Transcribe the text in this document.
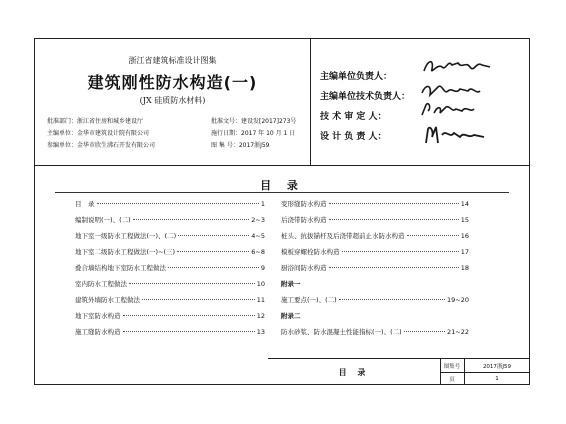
浙江省建筑标准设计图集
建筑刚性防水构造(一)
(JX 硅质防水材料)
批准部门：浙江省住房和城乡建设厅
主编单位：金华市建筑设计院有限公司
参编单位：金华市欣生沸石开发有限公司
批准文号：建设发[2017]273号
施行日期：2017 年 10 月 1 日
图 集 号：2017浙J59
主编单位负责人：
主编单位技术负责人：
技 术 审 定 人：
设 计 负 责 人：
目 录
目　录	1
编制说明(一)、(二)	2~3
地下室一级防水工程做法(一)、(二)	4~5
地下室二级防水工程做法(一)~(三)	6~8
叠合墙结构地下室防水工程做法	9
室内防水工程做法	10
建筑外墙防水工程做法	11
地下室防水构造	12
施工缝防水构造	13
变形缝防水构造	14
后浇带防水构造	15
桩头、抗拔锚杆及后浇带超前止水防水构造	16
模板穿螺栓防水构造	17
厨浴间防水构造	18
附录一
施工要点(一)、(二)	19~20
附录二
防水砂浆、防水混凝土性能指标(一)、(二)	21~22
目 录
图集号	2017浙J59
页	1
